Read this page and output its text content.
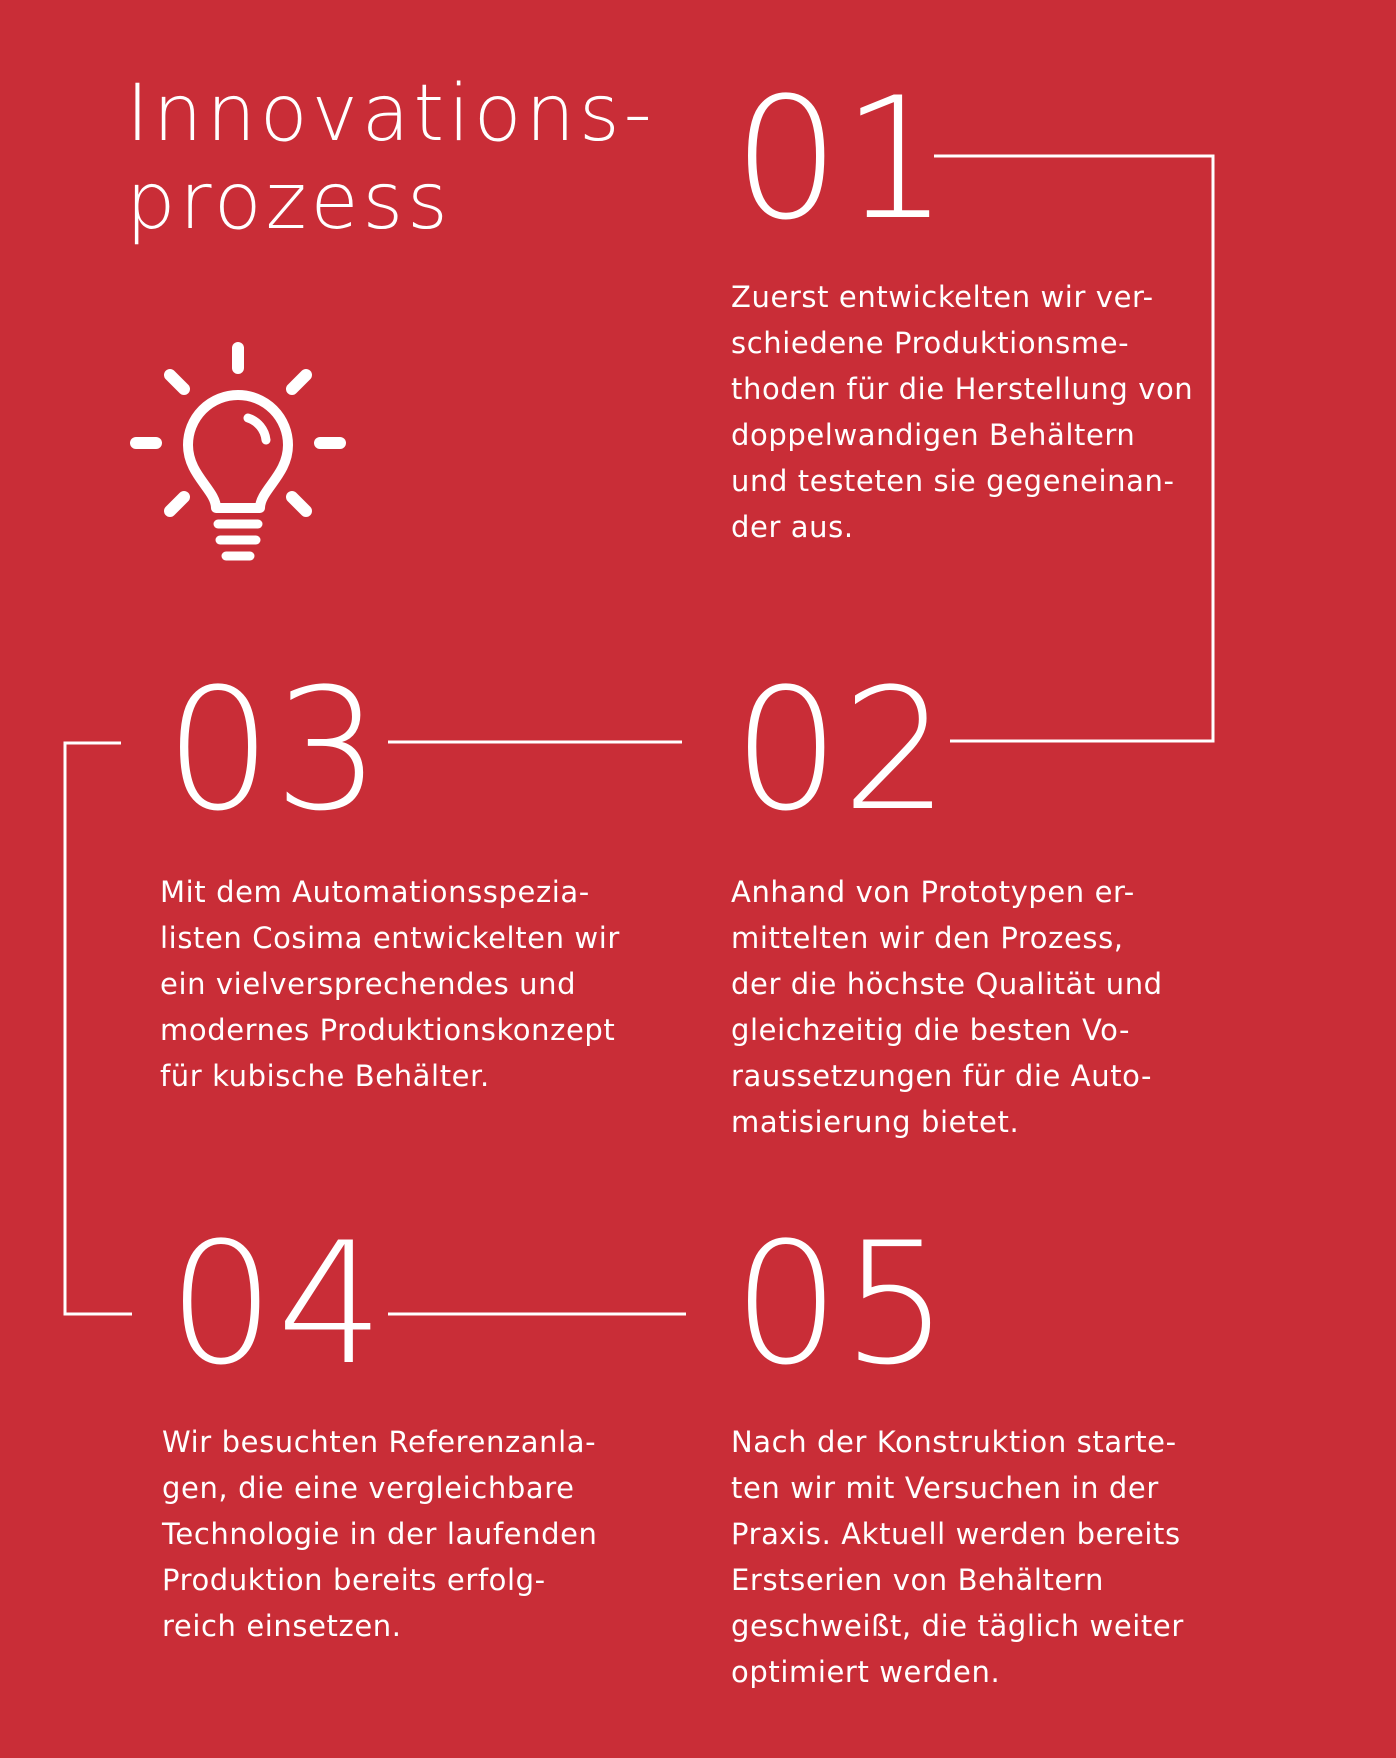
Innovations-
prozess	01

Zuerst entwickelten wir ver-
schiedene Produktionsme-
thoden für die Herstellung von
doppelwandigen Behältern
und testeten sie gegeneinan-
der aus.

03

Mit dem Automationsspezia-
listen Cosima entwickelten wir
ein vielversprechendes und
modernes Produktionskonzept
für kubische Behälter.

02

Anhand von Prototypen er-
mittelten wir den Prozess,
der die höchste Qualität und
gleichzeitig die besten Vo-
raussetzungen für die Auto-
matisierung bietet.

04

Wir besuchten Referenzanla-
gen, die eine vergleichbare
Technologie in der laufenden
Produktion bereits erfolg-
reich einsetzen.

05

Nach der Konstruktion starte-
ten wir mit Versuchen in der
Praxis. Aktuell werden bereits
Erstserien von Behältern
geschweißt, die täglich weiter
optimiert werden.
